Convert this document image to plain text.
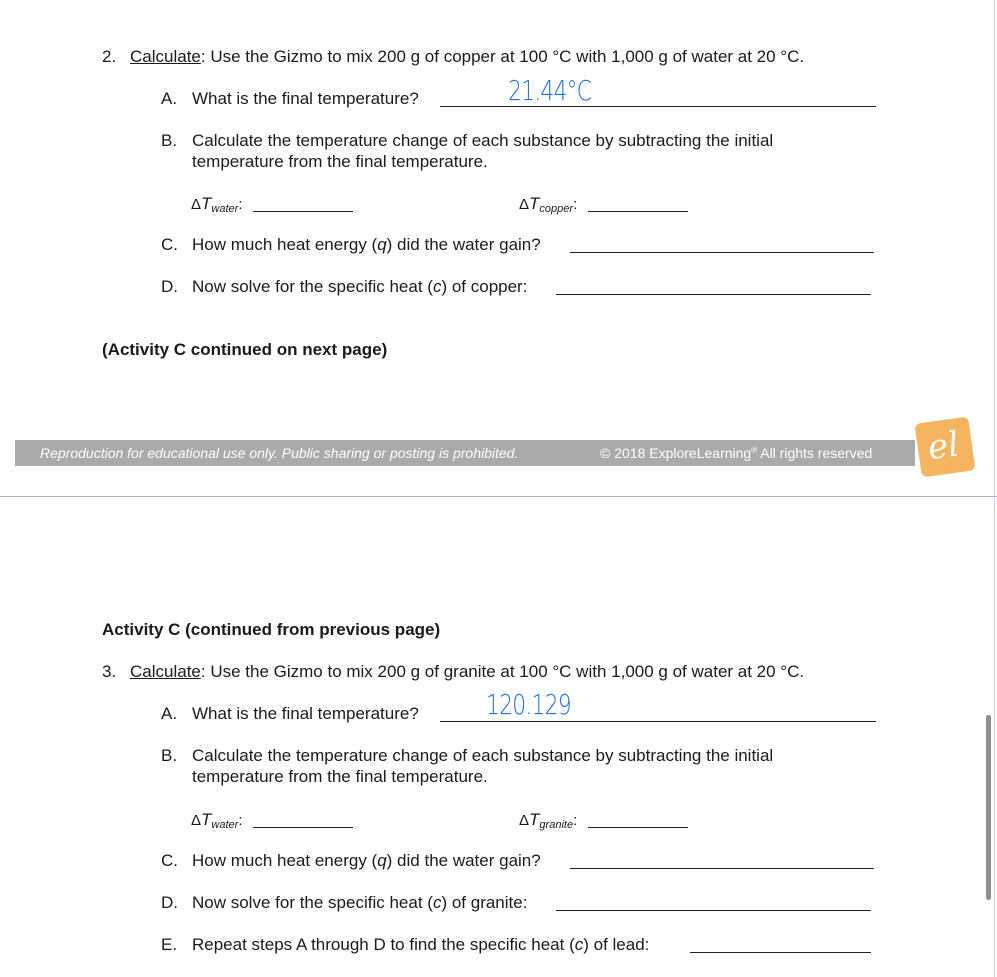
2. Calculate: Use the Gizmo to mix 200 g of copper at 100 °C with 1,000 g of water at 20 °C.
A. What is the final temperature?	21.44°C
B. Calculate the temperature change of each substance by subtracting the initial
temperature from the final temperature.
$\Delta T_{water}$:	$\Delta T_{copper}$:
C. How much heat energy (q) did the water gain?
D. Now solve for the specific heat (c) of copper:
(Activity C continued on next page)
Reproduction for educational use only. Public sharing or posting is prohibited.	© 2018 ExploreLearning® All rights reserved el
Activity C (continued from previous page)
3. Calculate: Use the Gizmo to mix 200 g of granite at 100 °C with 1,000 g of water at 20 °C.
A. What is the final temperature? 120.129
B. Calculate the temperature change of each substance by subtracting the initial
temperature from the final temperature.
$\Delta T_{water}$:	$\Delta T_{granite}$:
C. How much heat energy (q) did the water gain?
D. Now solve for the specific heat (c) of granite:
E. Repeat steps A through D to find the specific heat (c) of lead:
